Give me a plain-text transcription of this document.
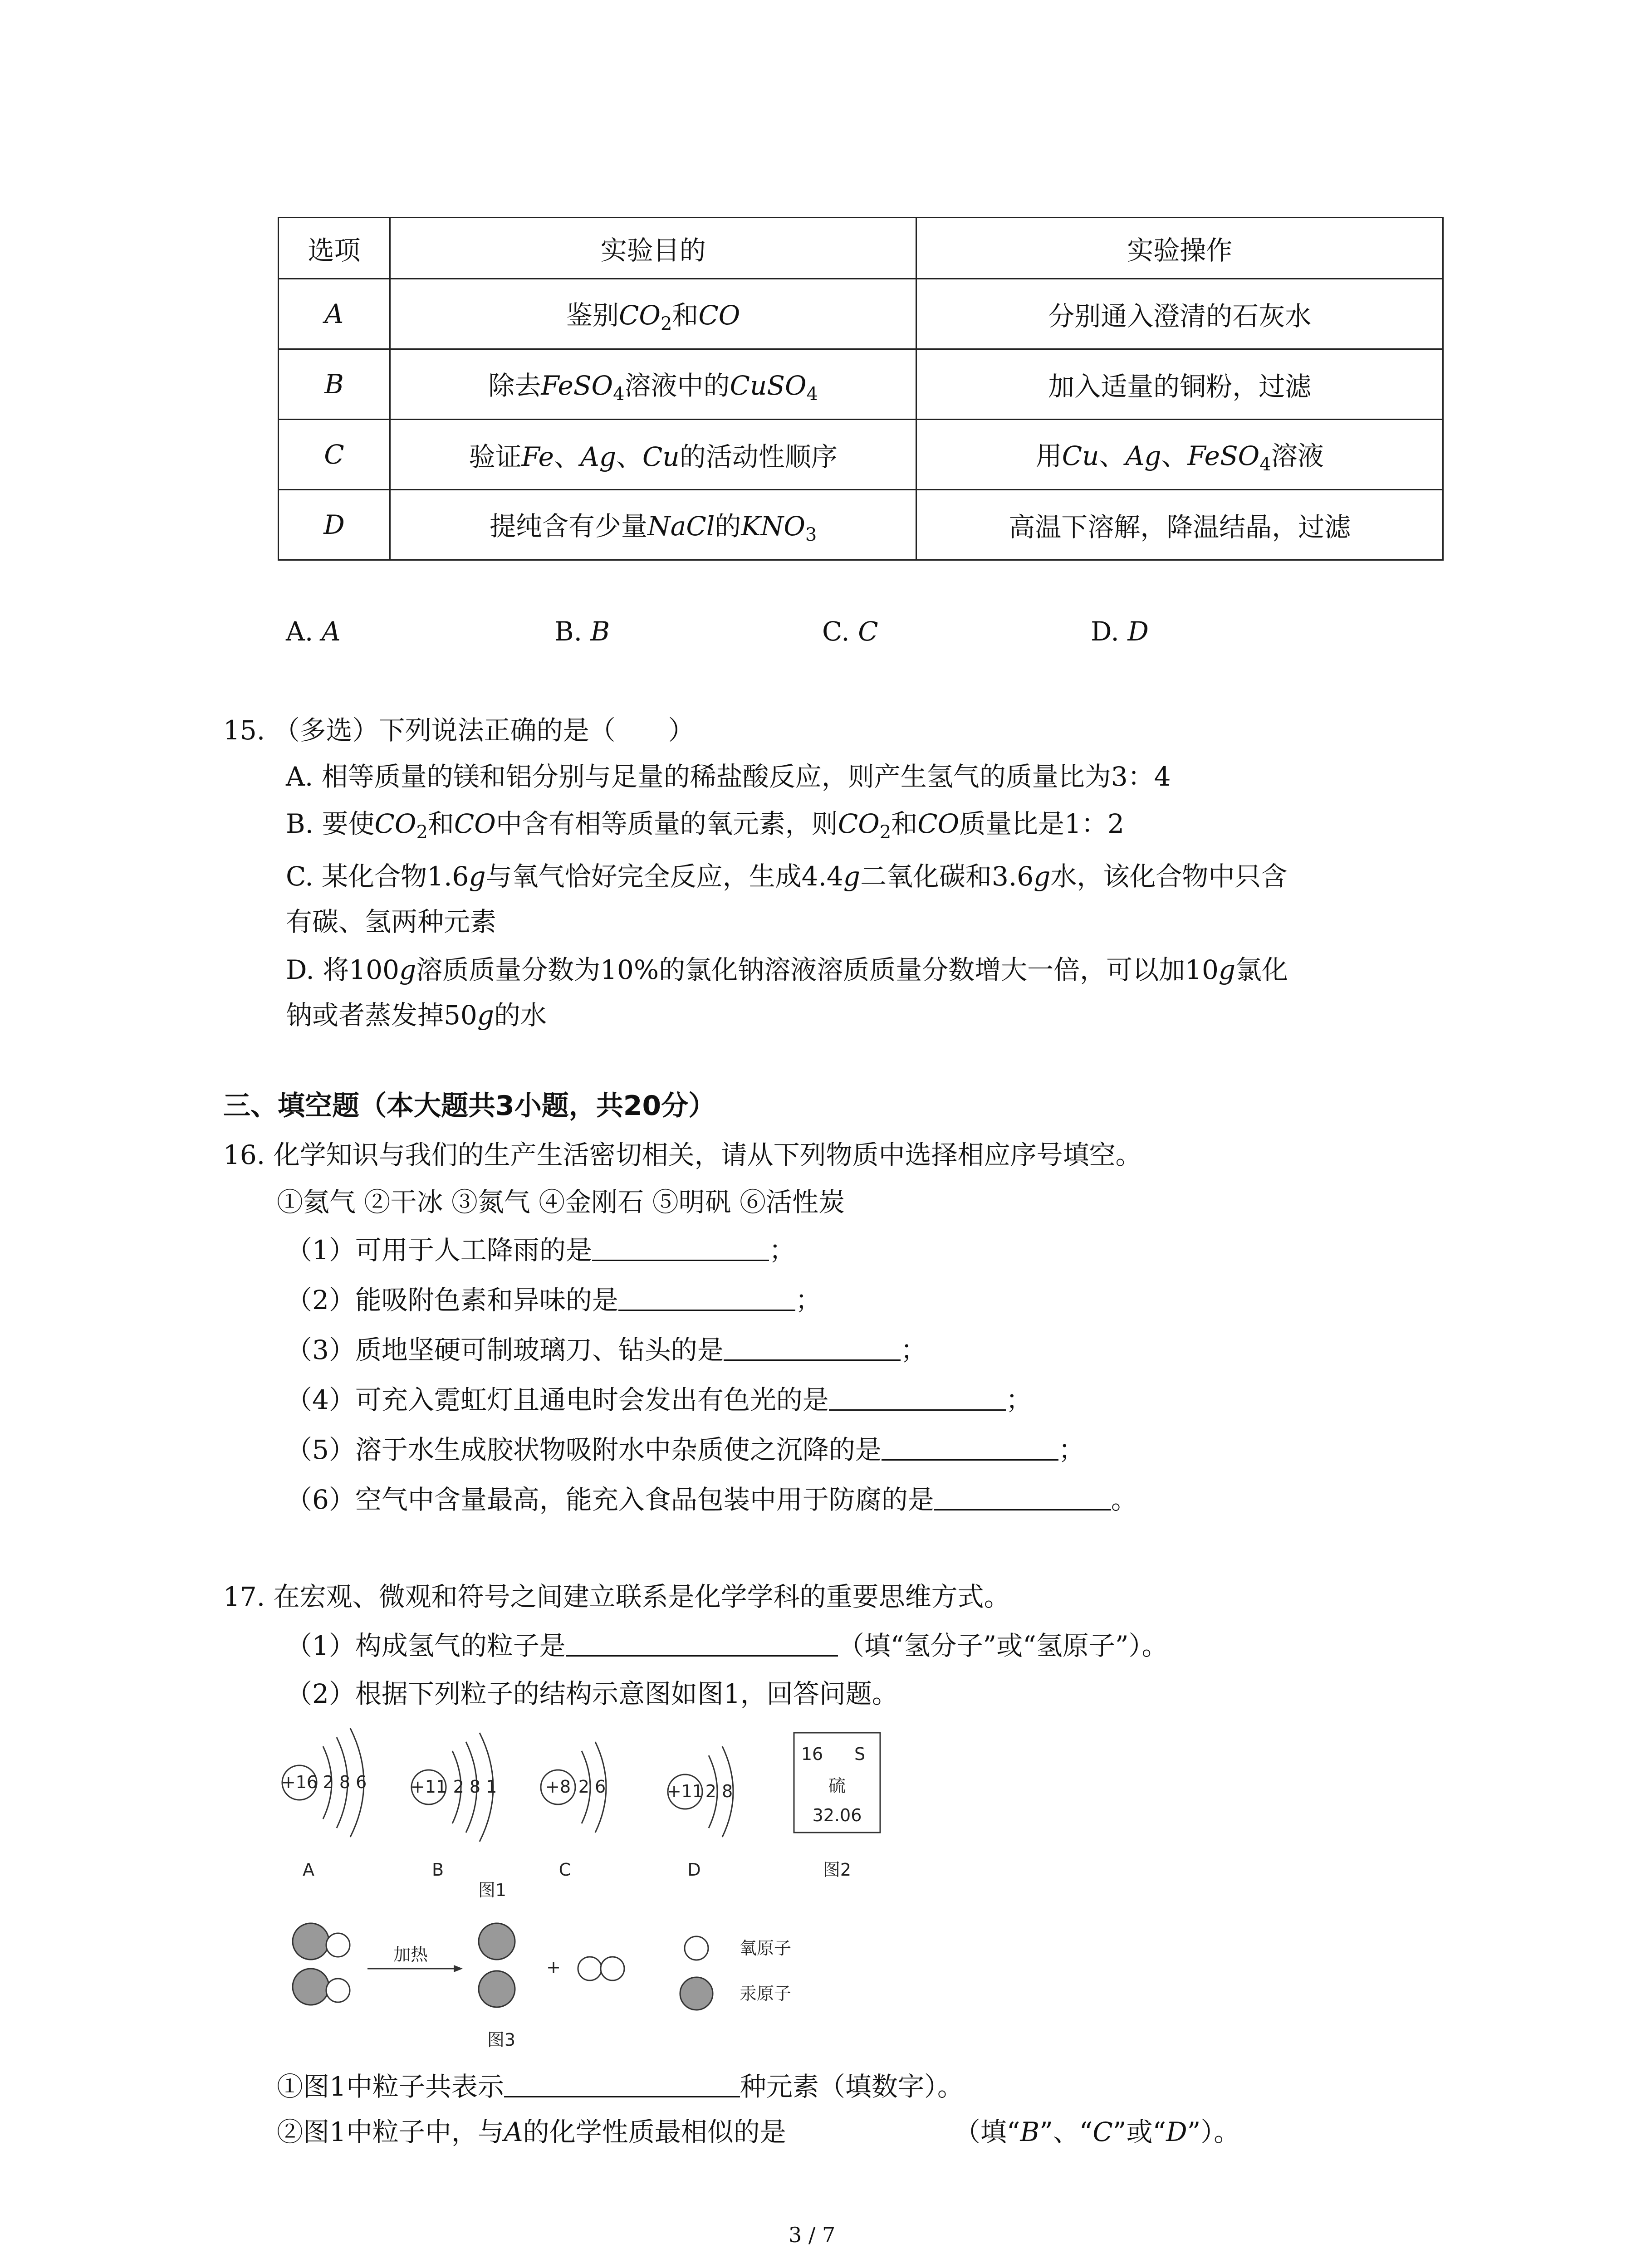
选项	实验目的	实验操作
A	鉴别$CO_2$和CO	分别通入澄清的石灰水
B	除去FeSO$_4$溶液中的CuSO$_4$	加入适量的铜粉，过滤
C	验证Fe、Ag、Cu的活动性顺序	用Cu、Ag、FeSO$_4$溶液
D	提纯含有少量NaCl的$KNO_3$	高温下溶解，降温结晶，过滤
A. A	B. B	C. C	D. D
15. （多选）下列说法正确的是（　　）
A. 相等质量的镁和铝分别与足量的稀盐酸反应，则产生氢气的质量比为3：4
B. 要使$CO_2$和CO中含有相等质量的氧元素，则$CO_2$和CO质量比是1：2
C. 某化合物1.6g与氧气恰好完全反应，生成4.4g二氧化碳和3.6g水，该化合物中只含
有碳、氢两种元素
D. 将100g溶质质量分数为10%的氯化钠溶液溶质质量分数增大一倍，可以加10g氯化
钠或者蒸发掉50g的水
三、填空题（本大题共3小题，共20分）
16. 化学知识与我们的生产生活密切相关，请从下列物质中选择相应序号填空。
①氦气 ②干冰 ③氮气 ④金刚石 ⑤明矾 ⑥活性炭
（1）可用于人工降雨的是	；
（2）能吸附色素和异味的是	；
（3）质地坚硬可制玻璃刀、钻头的是	；
（4）可充入霓虹灯且通电时会发出有色光的是	；
（5）溶于水生成胶状物吸附水中杂质使之沉降的是	；
（6）空气中含量最高，能充入食品包装中用于防腐的是	。
17. 在宏观、微观和符号之间建立联系是化学学科的重要思维方式。
（1）构成氢气的粒子是	（填“氢分子”或“氢原子”）。
（2）根据下列粒子的结构示意图如图1，回答问题。
+16 2 8 6
A
+11 2 8 1
B
+8 2 6
C
+11 2 8
D
图1
16 S
硫
32.06
图2
加热
+
氧原子
汞原子
图3
①图1中粒子共表示	种元素（填数字）。
②图1中粒子中，与A的化学性质最相似的是	（填“B”、“C”或“D”）。
3 / 7
